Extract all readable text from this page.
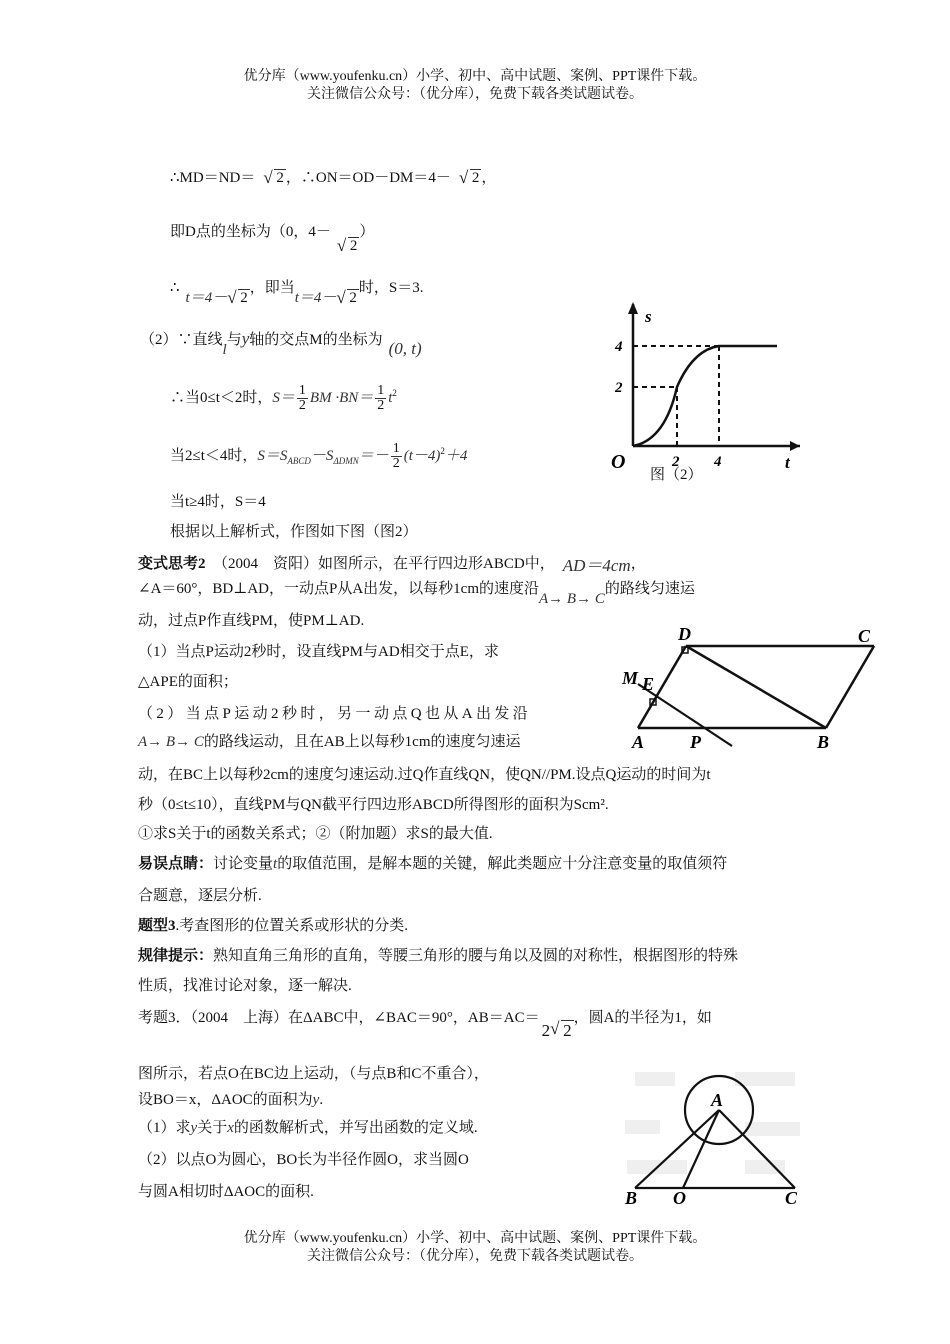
优分库（www.youfenku.cn）小学、初中、高中试题、案例、PPT课件下载。
关注微信公众号：（优分库），免费下载各类试题试卷。
∴MD＝ND＝ √ 2 ，∴ON＝OD－DM＝4－ √ 2 ，
即D点的坐标为（0，4－√ 2）
∴t＝4－ √ 2，即当t＝4－ √ 2时，S＝3.
（2）∵直线l与y轴的交点M的坐标为 (0, t)
∴当0≤t＜2时，$S= \frac{1}{2}$ BM $\cdot BN= \frac{1}{2} t^2$
当2≤t＜4时，$S=S_{ABCD}-S_{\Delta DMN}=- \frac{1}{2} (t-4)^2+4$
当t≥4时，S＝4
根据以上解析式，作图如下图（图2）
s
t
O
4
2
2 4
图（2）
变式思考2　 （2004　资阳）如图所示，在平行四边形ABCD中， AD＝4cm，
∠A＝60°，BD⊥AD，一动点P从A出发，以每秒1cm的速度沿A→ B→ C的路线匀速运
动，过点P作直线PM，使PM⊥AD.
（1）当点P运动2秒时，设直线PM与AD相交于点E，求
△APE的面积；
（2）当点P运动2秒时，另一动点Q也从A出发沿
A→ B→ C的路线运动，且在AB上以每秒1cm的速度匀速运
动，在BC上以每秒2cm的速度匀速运动.过Q作直线QN，使QN//PM.设点Q运动的时间为t
秒（0≤t≤10），直线PM与QN截平行四边形ABCD所得图形的面积为Scm².
①求S关于t的函数关系式；②（附加题）求S的最大值.
D	C
M E
A	P	B
易误点睛：讨论变量t的取值范围，是解本题的关键，解此类题应十分注意变量的取值须符
合题意，逐层分析.
题型3.考查图形的位置关系或形状的分类.
规律提示：熟知直角三角形的直角，等腰三角形的腰与角以及圆的对称性，根据图形的特殊
性质，找准讨论对象，逐一解决.
考题3．（2004　上海）在ΔABC中，∠BAC＝90°，AB＝AC＝2 √ 2，圆A的半径为1，如
图所示，若点O在BC边上运动，（与点B和C不重合），
设BO＝x，ΔAOC的面积为y.
（1）求y关于x的函数解析式，并写出函数的定义域.
（2）以点O为圆心，BO长为半径作圆O，求当圆O
与圆A相切时ΔAOC的面积.
A
B O	C
优分库（www.youfenku.cn）小学、初中、高中试题、案例、PPT课件下载。
关注微信公众号：（优分库），免费下载各类试题试卷。
